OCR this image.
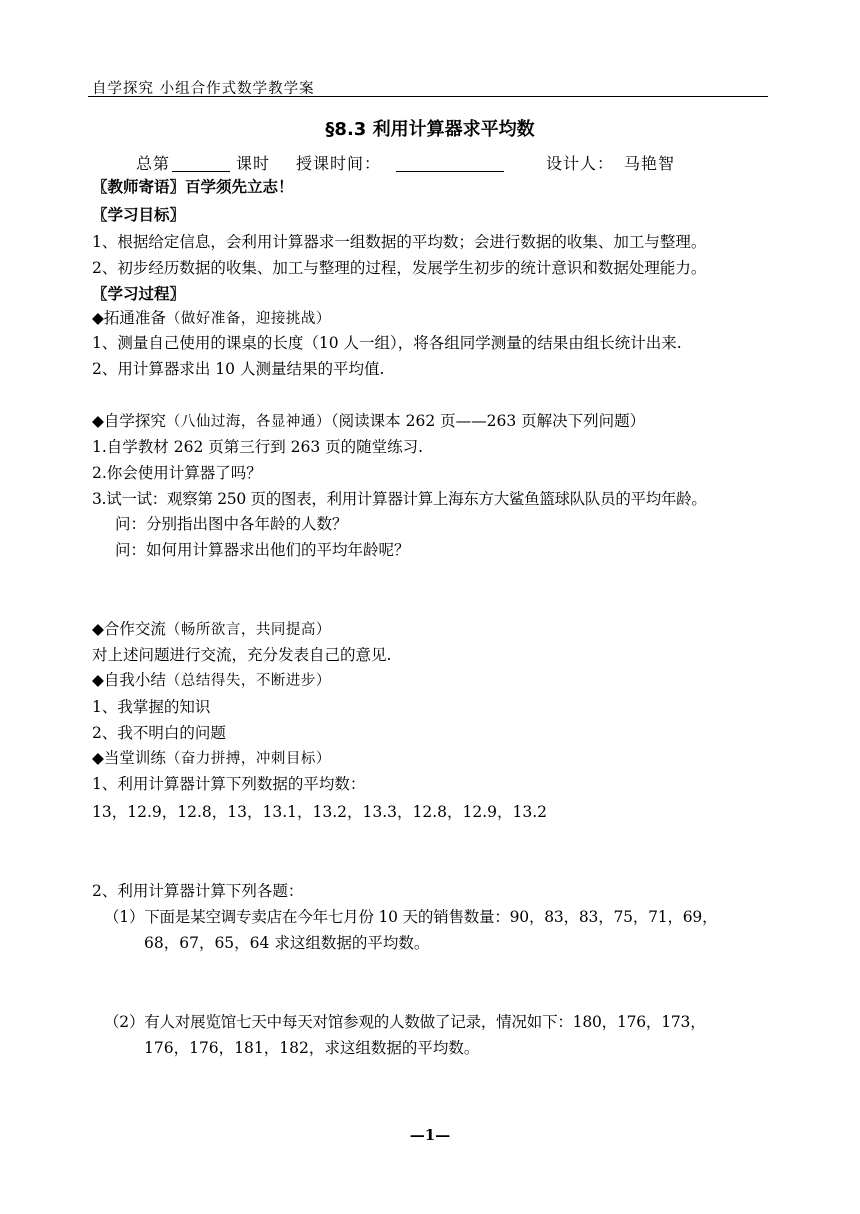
自学探究 小组合作式数学教学案
§8.3 利用计算器求平均数
总第	课时 授课时间：	设计人： 马艳智
〖教师寄语〗百学须先立志！
〖学习目标〗
1、根据给定信息，会利用计算器求一组数据的平均数；会进行数据的收集、加工与整理。
2、初步经历数据的收集、加工与整理的过程，发展学生初步的统计意识和数据处理能力。
〖学习过程〗
◆拓通准备（做好准备，迎接挑战）
1、测量自己使用的课桌的长度（10 人一组），将各组同学测量的结果由组长统计出来.
2、用计算器求出 10 人测量结果的平均值.
◆自学探究（八仙过海，各显神通）（阅读课本 262 页——263 页解决下列问题）
1.自学教材 262 页第三行到 263 页的随堂练习.
2.你会使用计算器了吗？
3.试一试：观察第 250 页的图表，利用计算器计算上海东方大鲨鱼篮球队队员的平均年龄。
问：分别指出图中各年龄的人数？
问：如何用计算器求出他们的平均年龄呢？
◆合作交流（畅所欲言，共同提高）
对上述问题进行交流，充分发表自己的意见.
◆自我小结（总结得失，不断进步）
1、我掌握的知识
2、我不明白的问题
◆当堂训练（奋力拼搏，冲刺目标）
1、利用计算器计算下列数据的平均数：
13，12.9，12.8，13，13.1，13.2，13.3，12.8，12.9，13.2
2、利用计算器计算下列各题：
（1）下面是某空调专卖店在今年七月份 10 天的销售数量：90，83，83，75，71，69，
68，67，65，64 求这组数据的平均数。
（2）有人对展览馆七天中每天对馆参观的人数做了记录，情况如下：180，176，173，
176，176，181，182，求这组数据的平均数。
—1—
